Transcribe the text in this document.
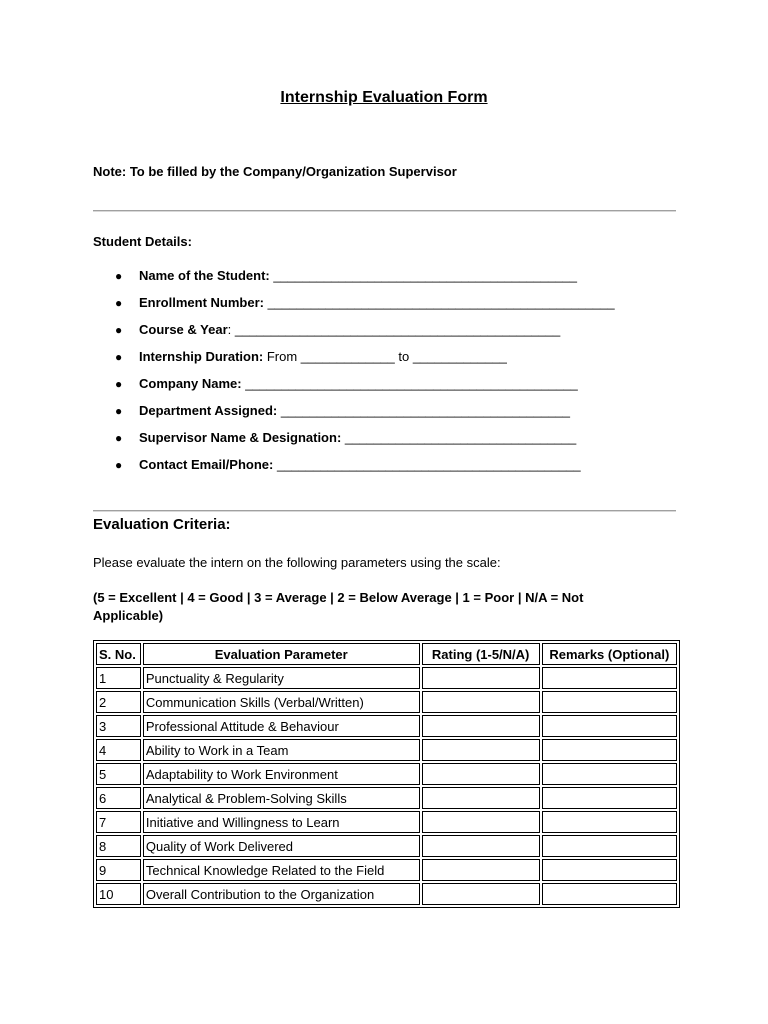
Internship Evaluation Form
Note: To be filled by the Company/Organization Supervisor
Student Details:
● Name of the Student: __________________________________________
● Enrollment Number: ________________________________________________
● Course & Year: _____________________________________________
● Internship Duration: From _____________ to _____________
● Company Name: ______________________________________________
● Department Assigned: ________________________________________
● Supervisor Name & Designation: ________________________________
● Contact Email/Phone: __________________________________________
Evaluation Criteria:
Please evaluate the intern on the following parameters using the scale:
(5 = Excellent | 4 = Good | 3 = Average | 2 = Below Average | 1 = Poor | N/A = Not Applicable)
S. No.	Evaluation Parameter	Rating (1-5/N/A)	Remarks (Optional)
1	Punctuality & Regularity		
2	Communication Skills (Verbal/Written)		
3	Professional Attitude & Behaviour		
4	Ability to Work in a Team		
5	Adaptability to Work Environment		
6	Analytical & Problem-Solving Skills		
7	Initiative and Willingness to Learn		
8	Quality of Work Delivered		
9	Technical Knowledge Related to the Field		
10	Overall Contribution to the Organization		
